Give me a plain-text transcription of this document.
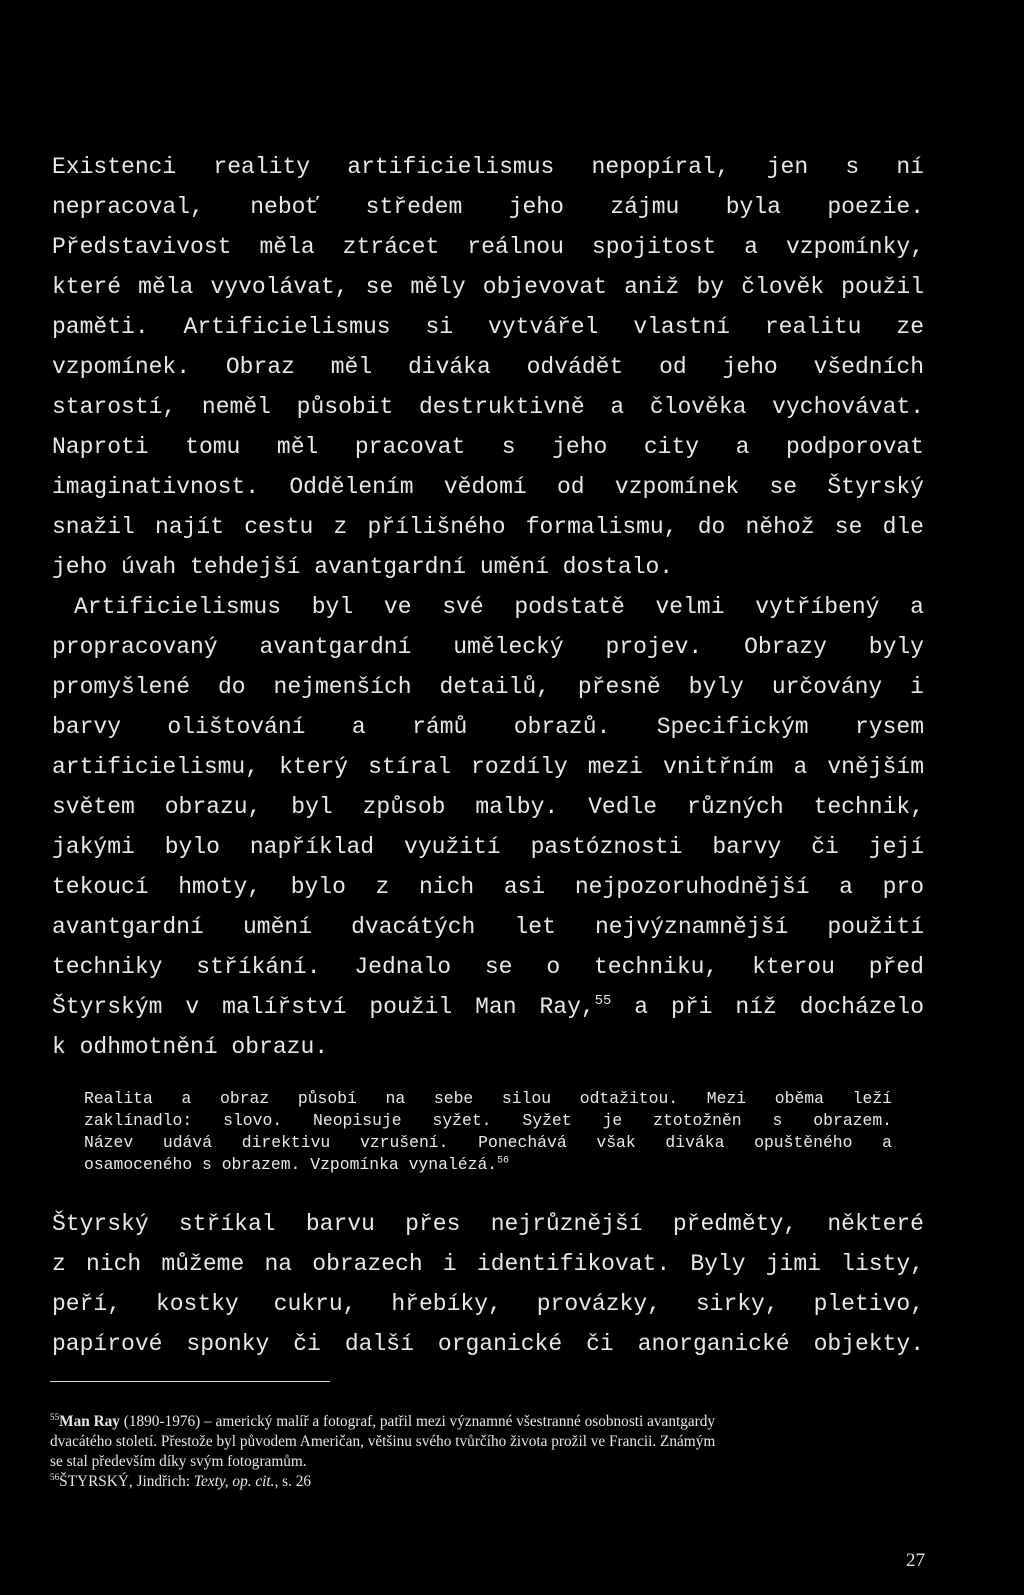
Existenci reality artificielismus nepopíral, jen s ní
nepracoval, neboť středem jeho zájmu byla poezie.
Představivost měla ztrácet reálnou spojitost a vzpomínky,
které měla vyvolávat, se měly objevovat aniž by člověk použil
paměti. Artificielismus si vytvářel vlastní realitu ze
vzpomínek. Obraz měl diváka odvádět od jeho všedních
starostí, neměl působit destruktivně a člověka vychovávat.
Naproti tomu měl pracovat s jeho city a podporovat
imaginativnost. Oddělením vědomí od vzpomínek se Štyrský
snažil najít cestu z přílišného formalismu, do něhož se dle
jeho úvah tehdejší avantgardní umění dostalo.
Artificielismus byl ve své podstatě velmi vytříbený a
propracovaný avantgardní umělecký projev. Obrazy byly
promyšlené do nejmenších detailů, přesně byly určovány i
barvy olištování a rámů obrazů. Specifickým rysem
artificielismu, který stíral rozdíly mezi vnitřním a vnějším
světem obrazu, byl způsob malby. Vedle různých technik,
jakými bylo například využití pastóznosti barvy či její
tekoucí hmoty, bylo z nich asi nejpozoruhodnější a pro
avantgardní umění dvacátých let nejvýznamnější použití
techniky stříkání. Jednalo se o techniku, kterou před
Štyrským v malířství použil Man Ray,$^{55}$ a při níž docházelo
k odhmotnění obrazu.
Realita a obraz působí na sebe silou odtažitou. Mezi oběma leží
zaklínadlo: slovo. Neopisuje syžet. Syžet je ztotožněn s obrazem.
Název udává direktivu vzrušení. Ponechává však diváka opuštěného a
osamoceného s obrazem. Vzpomínka vynalézá.$^{56}$
Štyrský stříkal barvu přes nejrůznější předměty, některé
z nich můžeme na obrazech i identifikovat. Byly jimi listy,
peří, kostky cukru, hřebíky, provázky, sirky, pletivo,
papírové sponky či další organické či anorganické objekty.
$^{55}$Man Ray (1890-1976) – americký malíř a fotograf, patřil mezi významné všestranné osobnosti avantgardy
dvacátého století. Přestože byl původem Američan, většinu svého tvůrčího života prožil ve Francii. Známým
se stal především díky svým fotogramům.
$^{56}$ŠTYRSKÝ, Jindřich: Texty, op. cit., s. 26
27
